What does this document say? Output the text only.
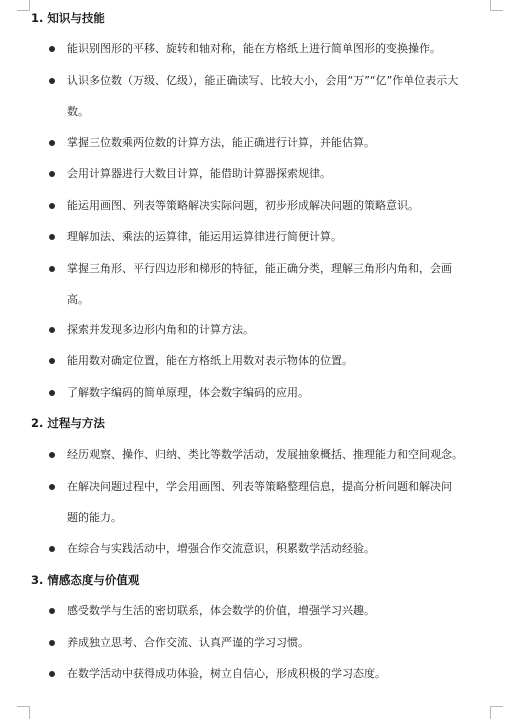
1. 知识与技能
能识别图形的平移、旋转和轴对称，能在方格纸上进行简单图形的变换操作。
认识多位数（万级、亿级），能正确读写、比较大小，会用“万”“亿”作单位表示大
数。
掌握三位数乘两位数的计算方法，能正确进行计算，并能估算。
会用计算器进行大数目计算，能借助计算器探索规律。
能运用画图、列表等策略解决实际问题，初步形成解决问题的策略意识。
理解加法、乘法的运算律，能运用运算律进行简便计算。
掌握三角形、平行四边形和梯形的特征，能正确分类，理解三角形内角和，会画
高。
探索并发现多边形内角和的计算方法。
能用数对确定位置，能在方格纸上用数对表示物体的位置。
了解数字编码的简单原理，体会数字编码的应用。
2. 过程与方法
经历观察、操作、归纳、类比等数学活动，发展抽象概括、推理能力和空间观念。
在解决问题过程中，学会用画图、列表等策略整理信息，提高分析问题和解决问
题的能力。
在综合与实践活动中，增强合作交流意识，积累数学活动经验。
3. 情感态度与价值观
感受数学与生活的密切联系，体会数学的价值，增强学习兴趣。
养成独立思考、合作交流、认真严谨的学习习惯。
在数学活动中获得成功体验，树立自信心，形成积极的学习态度。
